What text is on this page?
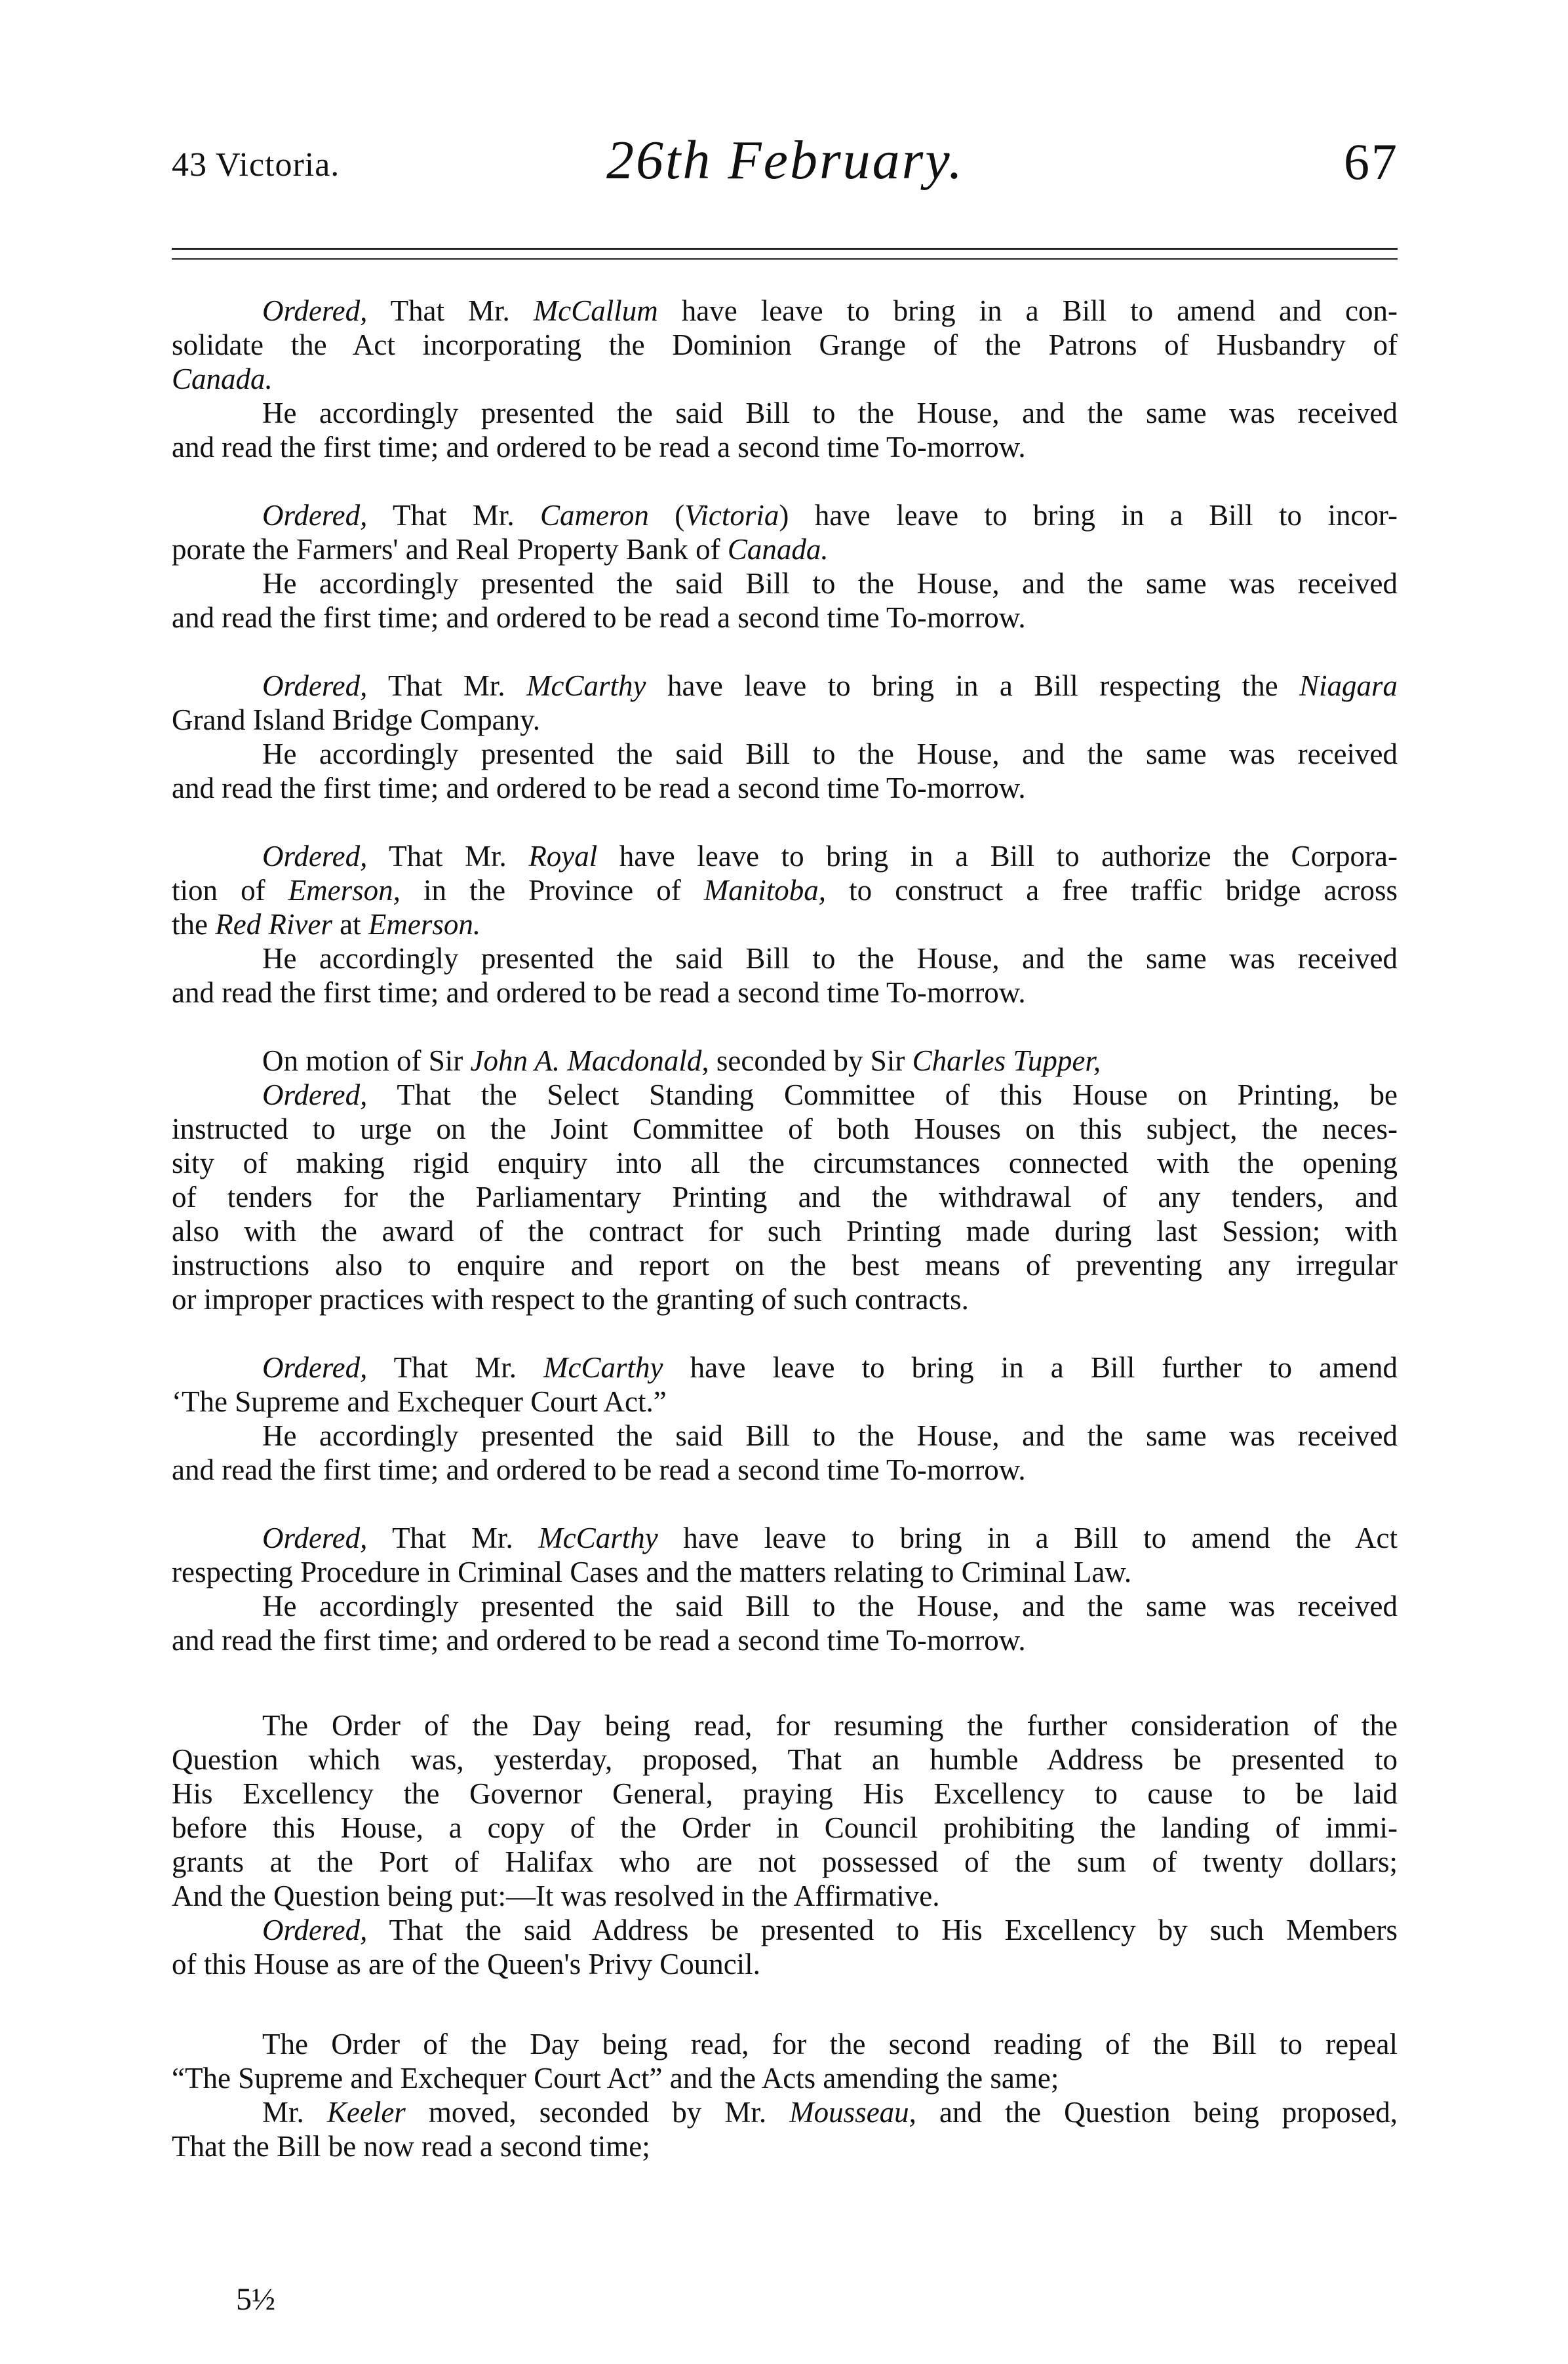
43 Victoria.	26th February.	67
Ordered, That Mr. McCallum have leave to bring in a Bill to amend and con-
solidate the Act incorporating the Dominion Grange of the Patrons of Husbandry of
Canada.
He accordingly presented the said Bill to the House, and the same was received
and read the first time; and ordered to be read a second time To-morrow.
Ordered, That Mr. Cameron (Victoria) have leave to bring in a Bill to incor-
porate the Farmers' and Real Property Bank of Canada.
He accordingly presented the said Bill to the House, and the same was received
and read the first time; and ordered to be read a second time To-morrow.
Ordered, That Mr. McCarthy have leave to bring in a Bill respecting the Niagara
Grand Island Bridge Company.
He accordingly presented the said Bill to the House, and the same was received
and read the first time; and ordered to be read a second time To-morrow.
Ordered, That Mr. Royal have leave to bring in a Bill to authorize the Corpora-
tion of Emerson, in the Province of Manitoba, to construct a free traffic bridge across
the Red River at Emerson.
He accordingly presented the said Bill to the House, and the same was received
and read the first time; and ordered to be read a second time To-morrow.
On motion of Sir John A. Macdonald, seconded by Sir Charles Tupper,
Ordered, That the Select Standing Committee of this House on Printing, be
instructed to urge on the Joint Committee of both Houses on this subject, the neces-
sity of making rigid enquiry into all the circumstances connected with the opening
of tenders for the Parliamentary Printing and the withdrawal of any tenders, and
also with the award of the contract for such Printing made during last Session; with
instructions also to enquire and report on the best means of preventing any irregular
or improper practices with respect to the granting of such contracts.
Ordered, That Mr. McCarthy have leave to bring in a Bill further to amend
‘The Supreme and Exchequer Court Act.”
He accordingly presented the said Bill to the House, and the same was received
and read the first time; and ordered to be read a second time To-morrow.
Ordered, That Mr. McCarthy have leave to bring in a Bill to amend the Act
respecting Procedure in Criminal Cases and the matters relating to Criminal Law.
He accordingly presented the said Bill to the House, and the same was received
and read the first time; and ordered to be read a second time To-morrow.
The Order of the Day being read, for resuming the further consideration of the
Question which was, yesterday, proposed, That an humble Address be presented to
His Excellency the Governor General, praying His Excellency to cause to be laid
before this House, a copy of the Order in Council prohibiting the landing of immi-
grants at the Port of Halifax who are not possessed of the sum of twenty dollars;
And the Question being put:—It was resolved in the Affirmative.
Ordered, That the said Address be presented to His Excellency by such Members
of this House as are of the Queen's Privy Council.
The Order of the Day being read, for the second reading of the Bill to repeal
“The Supreme and Exchequer Court Act” and the Acts amending the same;
Mr. Keeler moved, seconded by Mr. Mousseau, and the Question being proposed,
That the Bill be now read a second time;
5½
